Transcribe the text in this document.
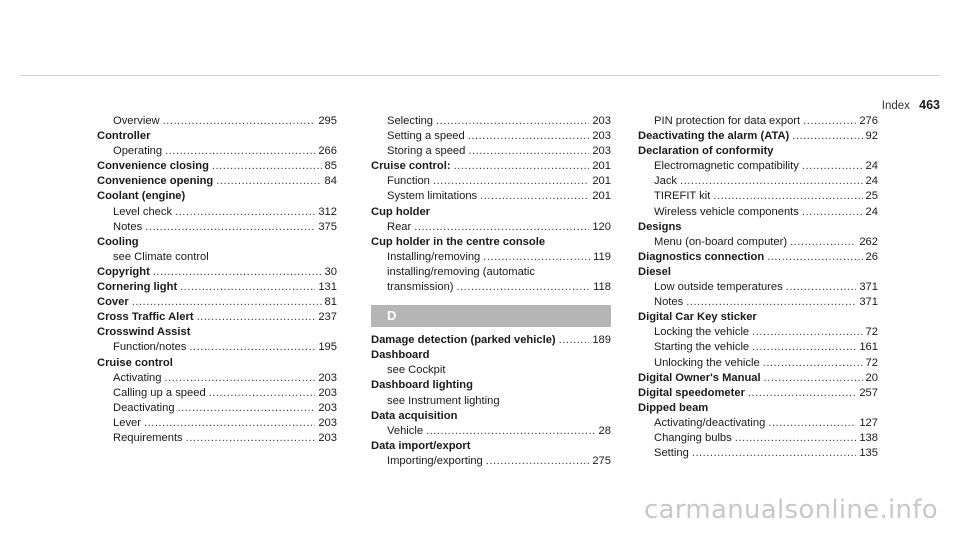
Index 463
Overview .....	295
Controller
Operating .....	266
Convenience closing .....	85
Convenience opening .....	84
Coolant (engine)
Level check .....	312
Notes .....	375
Cooling
see Climate control
Copyright .....	30
Cornering light .....	131
Cover .....	81
Cross Traffic Alert .....	237
Crosswind Assist
Function/notes .....	195
Cruise control
Activating .....	203
Calling up a speed .....	203
Deactivating .....	203
Lever .....	203
Requirements .....	203
Selecting .....	203
Setting a speed .....	203
Storing a speed .....	203
Cruise control: .....	201
Function .....	201
System limitations .....	201
Cup holder
Rear .....	120
Cup holder in the centre console
Installing/removing .....	119
installing/removing (automatic
transmission) .....	118
D
Damage detection (parked vehicle) .....	189
Dashboard
see Cockpit
Dashboard lighting
see Instrument lighting
Data acquisition
Vehicle .....	28
Data import/export
Importing/exporting .....	275
PIN protection for data export .....	276
Deactivating the alarm (ATA) .....	92
Declaration of conformity
Electromagnetic compatibility .....	24
Jack .....	24
TIREFIT kit .....	25
Wireless vehicle components .....	24
Designs
Menu (on-board computer) .....	262
Diagnostics connection .....	26
Diesel
Low outside temperatures .....	371
Notes .....	371
Digital Car Key sticker
Locking the vehicle .....	72
Starting the vehicle .....	161
Unlocking the vehicle .....	72
Digital Owner's Manual .....	20
Digital speedometer .....	257
Dipped beam
Activating/deactivating .....	127
Changing bulbs .....	138
Setting .....	135
carmanualsonline.info
